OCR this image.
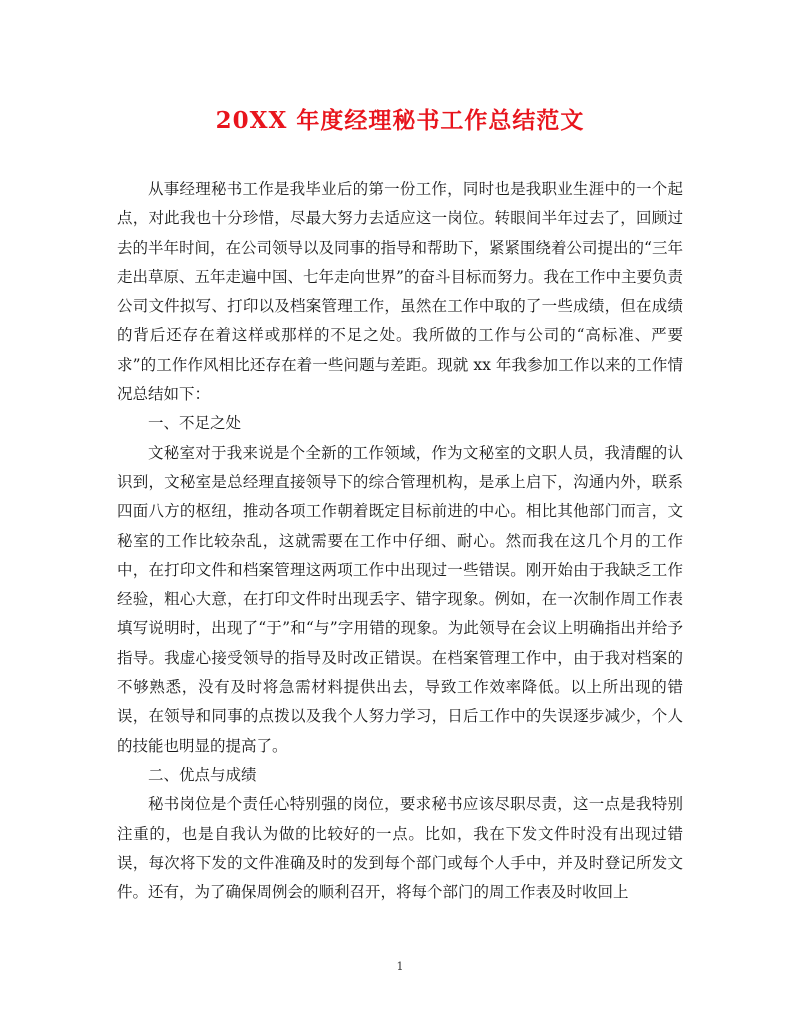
20XX 年度经理秘书工作总结范文

从事经理秘书工作是我毕业后的第一份工作，同时也是我职业生涯中的一个起点，对此我也十分珍惜，尽最大努力去适应这一岗位。转眼间半年过去了，回顾过去的半年时间，在公司领导以及同事的指导和帮助下，紧紧围绕着公司提出的“三年走出草原、五年走遍中国、七年走向世界”的奋斗目标而努力。我在工作中主要负责公司文件拟写、打印以及档案管理工作，虽然在工作中取的了一些成绩，但在成绩的背后还存在着这样或那样的不足之处。我所做的工作与公司的“高标准、严要求”的工作作风相比还存在着一些问题与差距。现就 xx 年我参加工作以来的工作情况总结如下：

一、不足之处

文秘室对于我来说是个全新的工作领域，作为文秘室的文职人员，我清醒的认识到，文秘室是总经理直接领导下的综合管理机构，是承上启下，沟通内外，联系四面八方的枢纽，推动各项工作朝着既定目标前进的中心。相比其他部门而言，文秘室的工作比较杂乱，这就需要在工作中仔细、耐心。然而我在这几个月的工作中，在打印文件和档案管理这两项工作中出现过一些错误。刚开始由于我缺乏工作经验，粗心大意，在打印文件时出现丢字、错字现象。例如，在一次制作周工作表填写说明时，出现了“于”和“与”字用错的现象。为此领导在会议上明确指出并给予指导。我虚心接受领导的指导及时改正错误。在档案管理工作中，由于我对档案的不够熟悉，没有及时将急需材料提供出去，导致工作效率降低。以上所出现的错误，在领导和同事的点拨以及我个人努力学习，日后工作中的失误逐步减少，个人的技能也明显的提高了。

二、优点与成绩

秘书岗位是个责任心特别强的岗位，要求秘书应该尽职尽责，这一点是我特别注重的，也是自我认为做的比较好的一点。比如，我在下发文件时没有出现过错误，每次将下发的文件准确及时的发到每个部门或每个人手中，并及时登记所发文件。还有，为了确保周例会的顺利召开，将每个部门的周工作表及时收回上

1
